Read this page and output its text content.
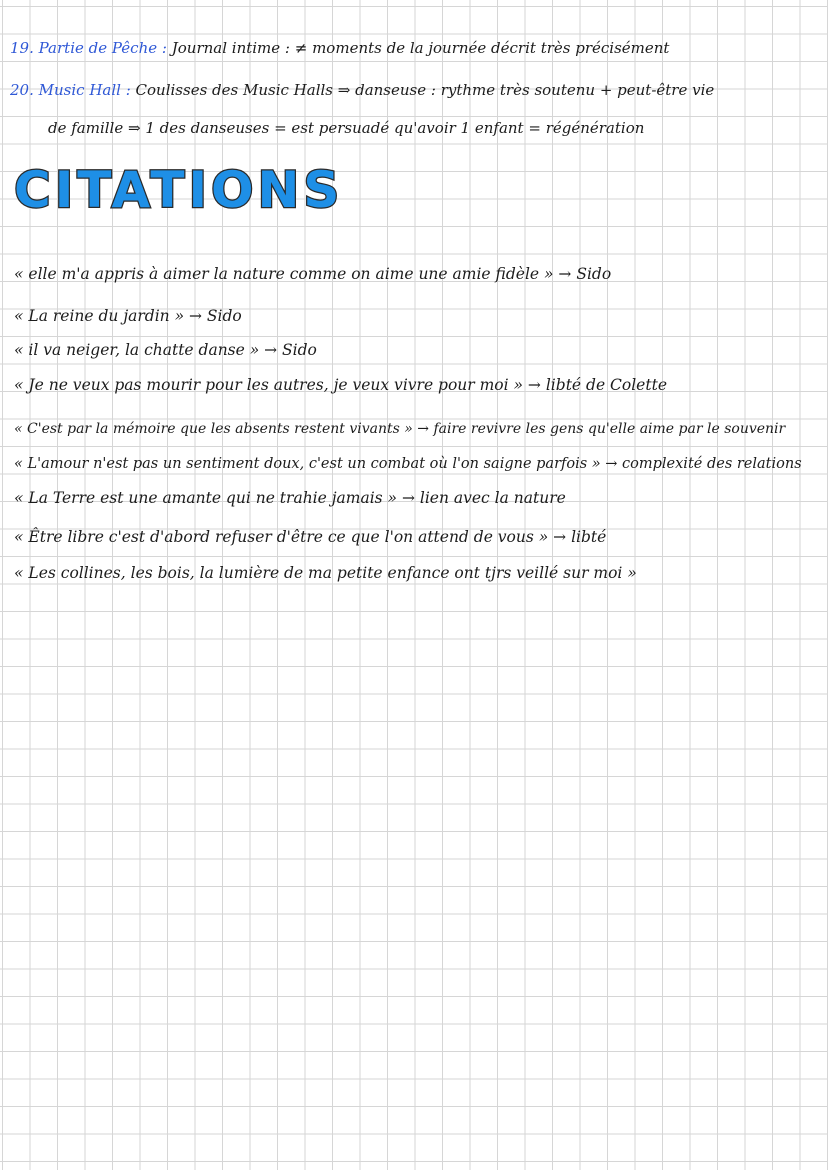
19. Partie de Pêche : Journal intime : ≠ moments de la journée décrit très précisément
20. Music Hall : Coulisses des Music Halls ⇒ danseuse : rythme très soutenu + peut-être vie
de famille ⇒ 1 des danseuses = est persuadé qu'avoir 1 enfant = régénération
CITATIONS
« elle m'a appris à aimer la nature comme on aime une amie fidèle » → Sido
« La reine du jardin » → Sido
« il va neiger, la chatte danse » → Sido
« Je ne veux pas mourir pour les autres, je veux vivre pour moi » → libté de Colette
« C'est par la mémoire que les absents restent vivants » → faire revivre les gens qu'elle aime par le souvenir
« L'amour n'est pas un sentiment doux, c'est un combat où l'on saigne parfois » → complexité des relations
« La Terre est une amante qui ne trahie jamais » → lien avec la nature
« Être libre c'est d'abord refuser d'être ce que l'on attend de vous » → libté
« Les collines, les bois, la lumière de ma petite enfance ont tjrs veillé sur moi »
